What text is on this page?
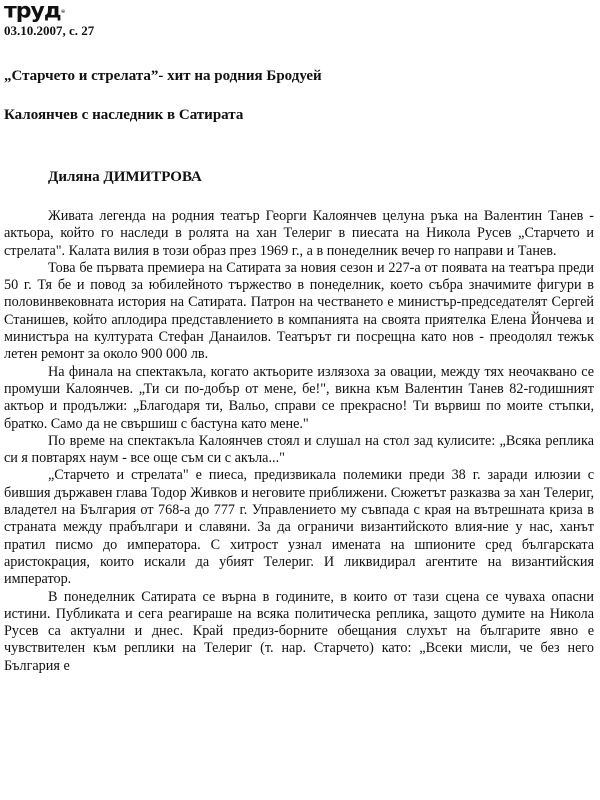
труд®
03.10.2007, с. 27
„Старчето и стрелата”- хит на родния Бродуей
Калоянчев с наследник в Сатирата
Диляна ДИМИТРОВА

Живата легенда на родния театър Георги Калоянчев целуна ръка на Валентин Танев - актьора, който го наследи в ролята на хан Телериг в пиесата на Никола Русев „Старчето и стрелата". Калата вилия в този образ през 1969 г., а в понеделник вечер го направи и Танев.

Това бе първата премиера на Сатирата за новия сезон и 227-а от появата на театъра преди 50 г. Тя бе и повод за юбилейното тържество в понеделник, което събра значимите фигури в половинвековната история на Сатирата. Патрон на честването е министър-председателят Сергей Станишев, който аплодира представлението в компанията на своята приятелка Елена Йончева и министъра на културата Стефан Данаилов. Театърът ги посрещна като нов - преодолял тежък летен ремонт за около 900 000 лв.

На финала на спектакъла, когато актьорите излязоха за овации, между тях неочаквано се промуши Калоянчев. „Ти си по-добър от мене, бе!", викна към Валентин Танев 82-годишният актьор и продължи: „Благодаря ти, Вальо, справи се прекрасно! Ти вървиш по моите стъпки, братко. Само да не свършиш с бастуна като мене."

По време на спектакъла Калоянчев стоял и слушал на стол зад кулисите: „Всяка реплика си я повтарях наум - все още съм си с акъла..."

„Старчето и стрелата" е пиеса, предизвикала полемики преди 38 г. заради илюзии с бившия държавен глава Тодор Живков и неговите приближени. Сюжетът разказва за хан Телериг, владетел на България от 768-а до 777 г. Управлението му съвпада с края на вътрешната криза в страната между прабългари и славяни. За да ограничи византийското влия-ние у нас, ханът пратил писмо до императора. С хитрост узнал имената на шпионите сред българската аристокрация, които искали да убият Телериг. И ликвидирал агентите на византийския император.

В понеделник Сатирата се върна в годините, в които от тази сцена се чуваха опасни истини. Публиката и сега реагираше на всяка политическа реплика, защото думите на Никола Русев са актуални и днес. Край предиз-борните обещания слухът на българите явно е чувствителен към реплики на Телериг (т. нар. Старчето) като: „Всеки мисли, че без него България е
